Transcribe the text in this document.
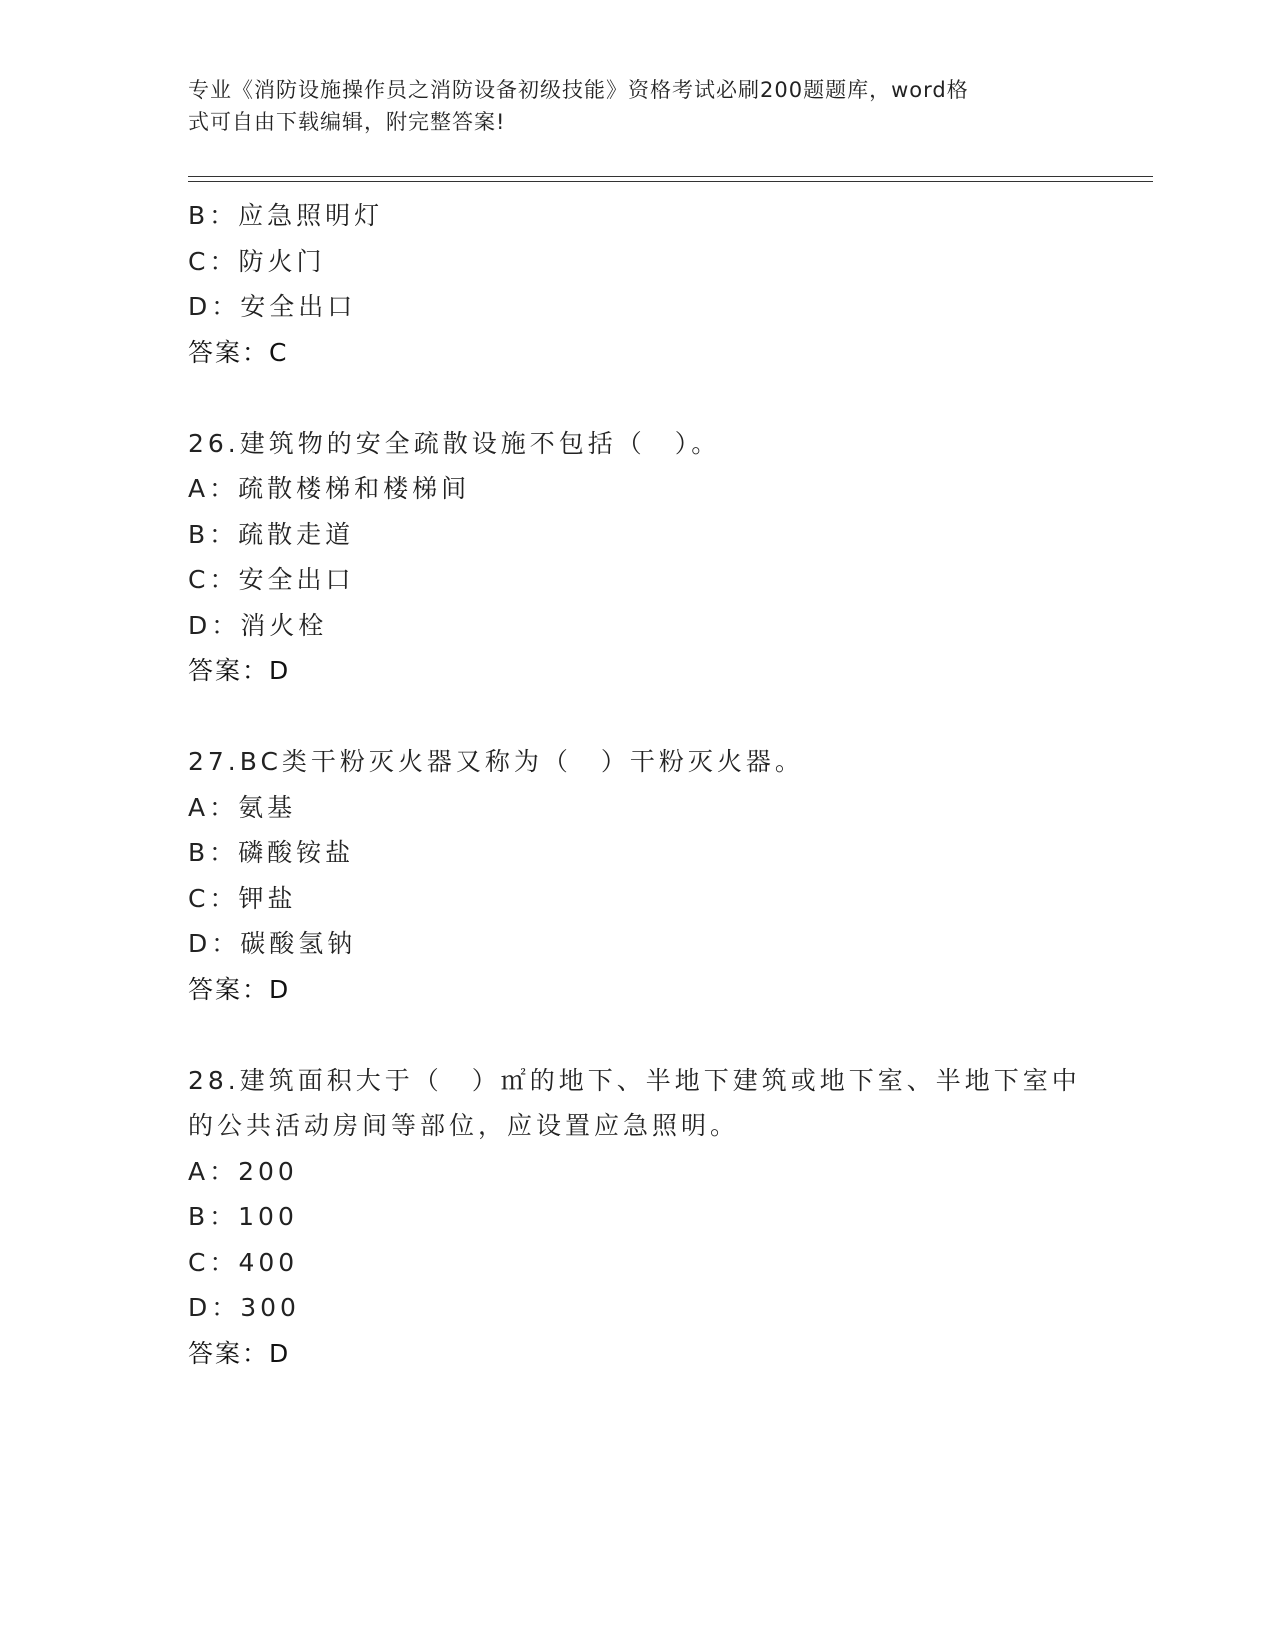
专业《消防设施操作员之消防设备初级技能》资格考试必刷200题题库，word格
式可自由下载编辑，附完整答案!
B：应急照明灯
C：防火门
D：安全出口
答案：C
26.建筑物的安全疏散设施不包括（　）。
A：疏散楼梯和楼梯间
B：疏散走道
C：安全出口
D：消火栓
答案：D
27.BC类干粉灭火器又称为（　）干粉灭火器。
A：氨基
B：磷酸铵盐
C：钾盐
D：碳酸氢钠
答案：D
28.建筑面积大于（　）㎡的地下、半地下建筑或地下室、半地下室中
的公共活动房间等部位，应设置应急照明。
A：200
B：100
C：400
D：300
答案：D
